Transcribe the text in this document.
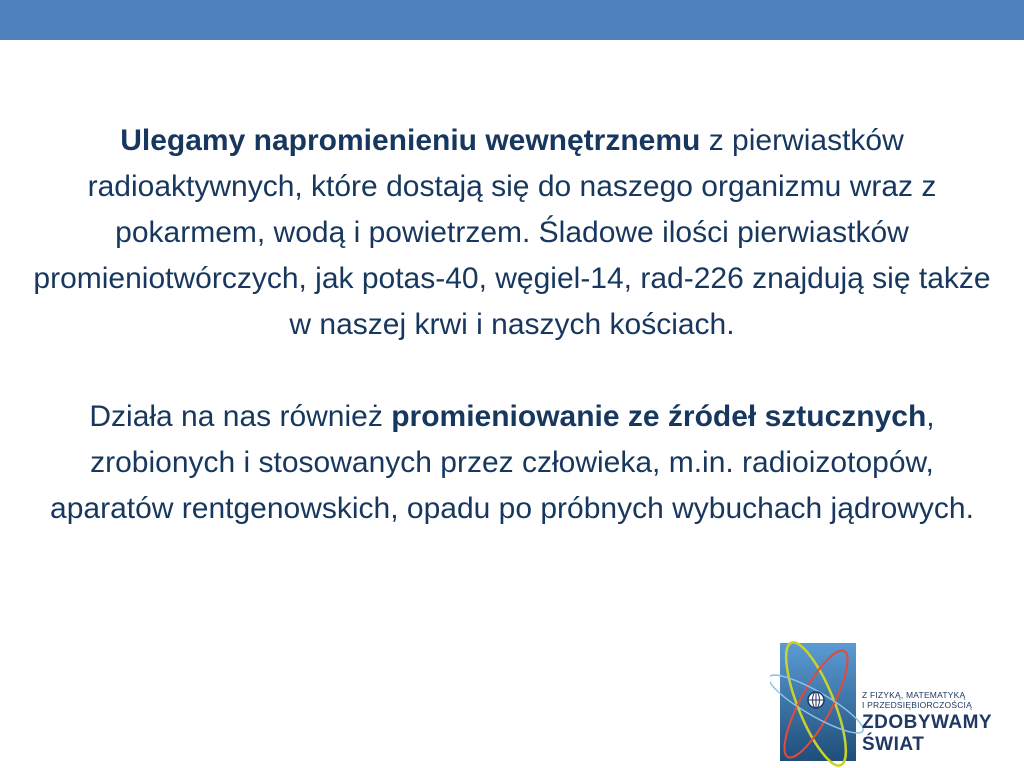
Ulegamy napromienieniu wewnętrznemu z pierwiastków radioaktywnych, które dostają się do naszego organizmu wraz z pokarmem, wodą i powietrzem. Śladowe ilości pierwiastków promieniotwórczych, jak potas-40, węgiel-14, rad-226 znajdują się także w naszej krwi i naszych kościach.

Działa na nas również promieniowanie ze źródeł sztucznych, zrobionych i stosowanych przez człowieka, m.in. radioizotopów, aparatów rentgenowskich, opadu po próbnych wybuchach jądrowych.

Z FIZYKĄ, MATEMATYKĄ
I PRZEDSIĘBIORCZOŚCIĄ
ZDOBYWAMY
ŚWIAT
